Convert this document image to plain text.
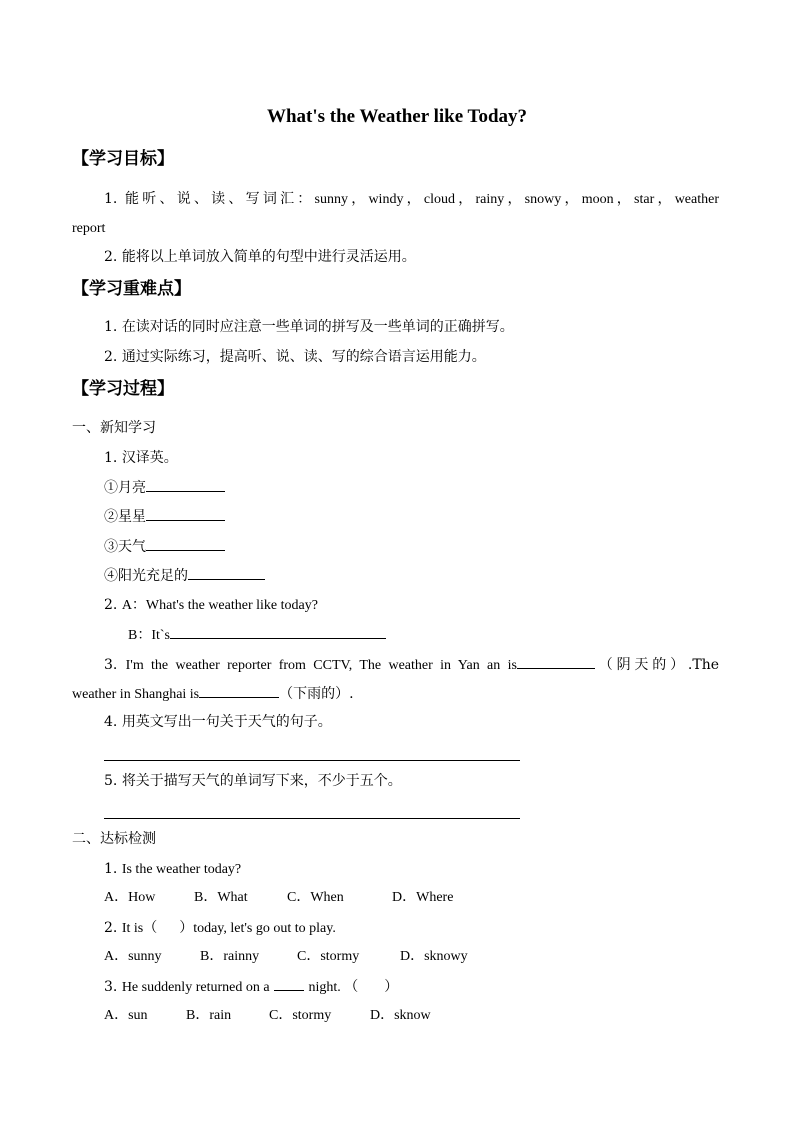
What's the Weather like Today?
【学习目标】
1. 能听、说、读、写词汇：sunny，windy，cloud，rainy，snowy，moon，star，weather
report
2. 能将以上单词放入简单的句型中进行灵活运用。
【学习重难点】
1. 在读对话的同时应注意一些单词的拼写及一些单词的正确拼写。
2. 通过实际练习，提高听、说、读、写的综合语言运用能力。
【学习过程】
一、新知学习
1. 汉译英。
①月亮
②星星
③天气
④阳光充足的
2. A：What's the weather like today?
B：It`s
3. I'm the weather reporter from CCTV, The weather in Yan an is	（阴天的）.The
weather in Shanghai is	（下雨的）.
4. 用英文写出一句关于天气的句子。
5. 将关于描写天气的单词写下来，不少于五个。
二、达标检测
1. Is the weather today?
A．How	B．What	C．When	D．Where
2. It is（ ）today, let's go out to play.
A．sunny	B．rainny	C．stormy	D．sknowy
3. He suddenly returned on a	night. （ ）
A．sun	B．rain	C．stormy	D．sknow
